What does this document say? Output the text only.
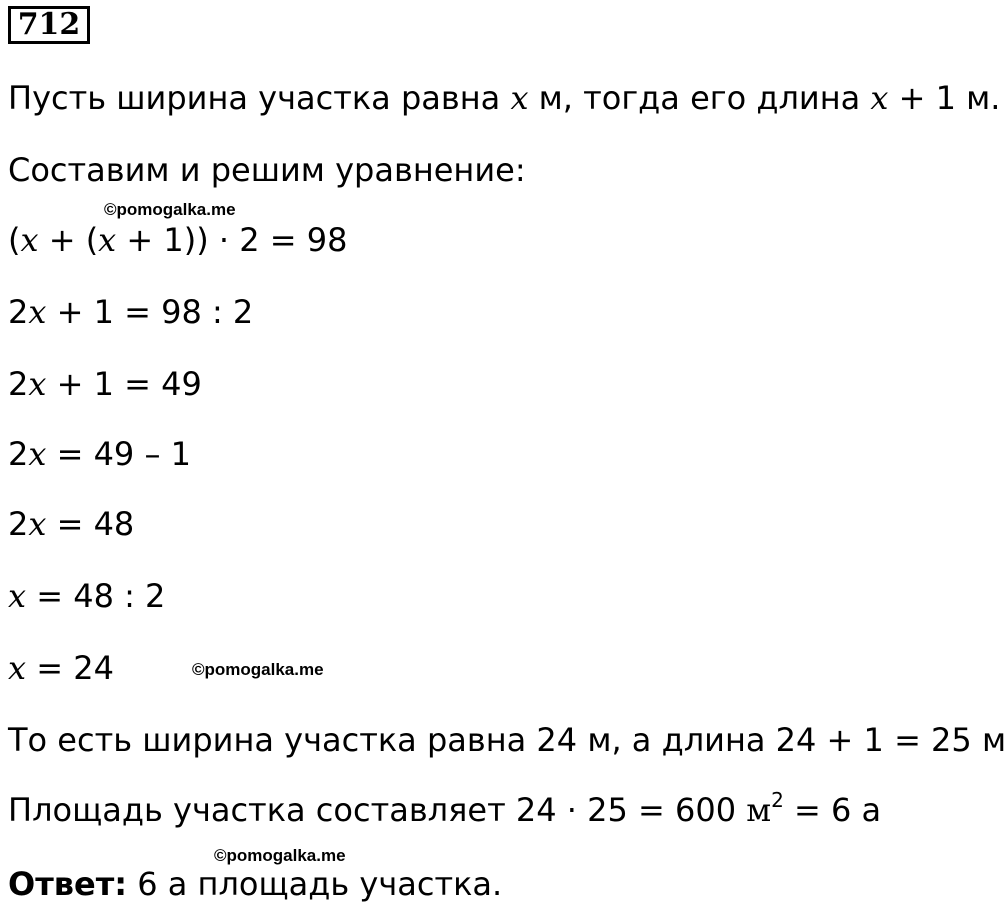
712
Пусть ширина участка равна x м, тогда его длина x + 1 м.
Составим и решим уравнение:
©pomogalka.me
(x + (x + 1)) · 2 = 98
2x + 1 = 98 : 2
2x + 1 = 49
2x = 49 – 1
2x = 48
x = 48 : 2
x = 24	©pomogalka.me
То есть ширина участка равна 24 м, а длина 24 + 1 = 25 м
Площадь участка составляет 24 · 25 = 600 $м^2 = 6$ а
©pomogalka.me
Ответ: 6 а площадь участка.
